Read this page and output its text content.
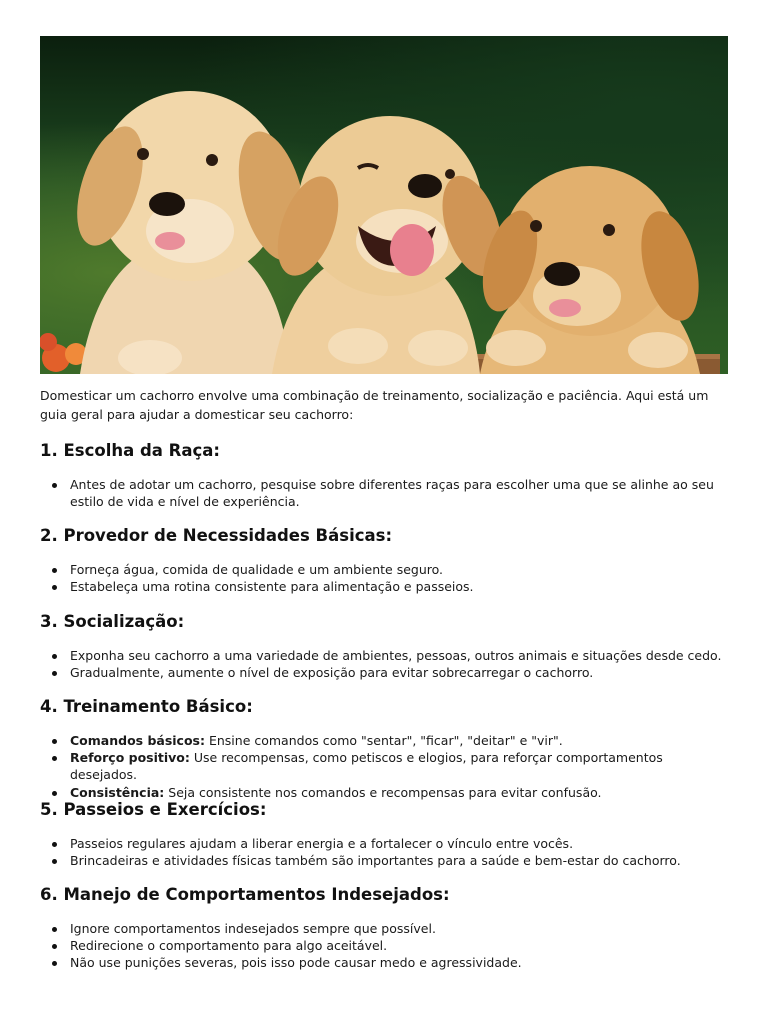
Domesticar um cachorro envolve uma combinação de treinamento, socialização e paciência. Aqui está um guia geral para ajudar a domesticar seu cachorro:

1. Escolha da Raça:
Antes de adotar um cachorro, pesquise sobre diferentes raças para escolher uma que se alinhe ao seu estilo de vida e nível de experiência.
2. Provedor de Necessidades Básicas:
Forneça água, comida de qualidade e um ambiente seguro.
Estabeleça uma rotina consistente para alimentação e passeios.
3. Socialização:
Exponha seu cachorro a uma variedade de ambientes, pessoas, outros animais e situações desde cedo.
Gradualmente, aumente o nível de exposição para evitar sobrecarregar o cachorro.
4. Treinamento Básico:
Comandos básicos: Ensine comandos como "sentar", "ficar", "deitar" e "vir".
Reforço positivo: Use recompensas, como petiscos e elogios, para reforçar comportamentos desejados.
Consistência: Seja consistente nos comandos e recompensas para evitar confusão.
5. Passeios e Exercícios:
Passeios regulares ajudam a liberar energia e a fortalecer o vínculo entre vocês.
Brincadeiras e atividades físicas também são importantes para a saúde e bem-estar do cachorro.
6. Manejo de Comportamentos Indesejados:
Ignore comportamentos indesejados sempre que possível.
Redirecione o comportamento para algo aceitável.
Não use punições severas, pois isso pode causar medo e agressividade.
